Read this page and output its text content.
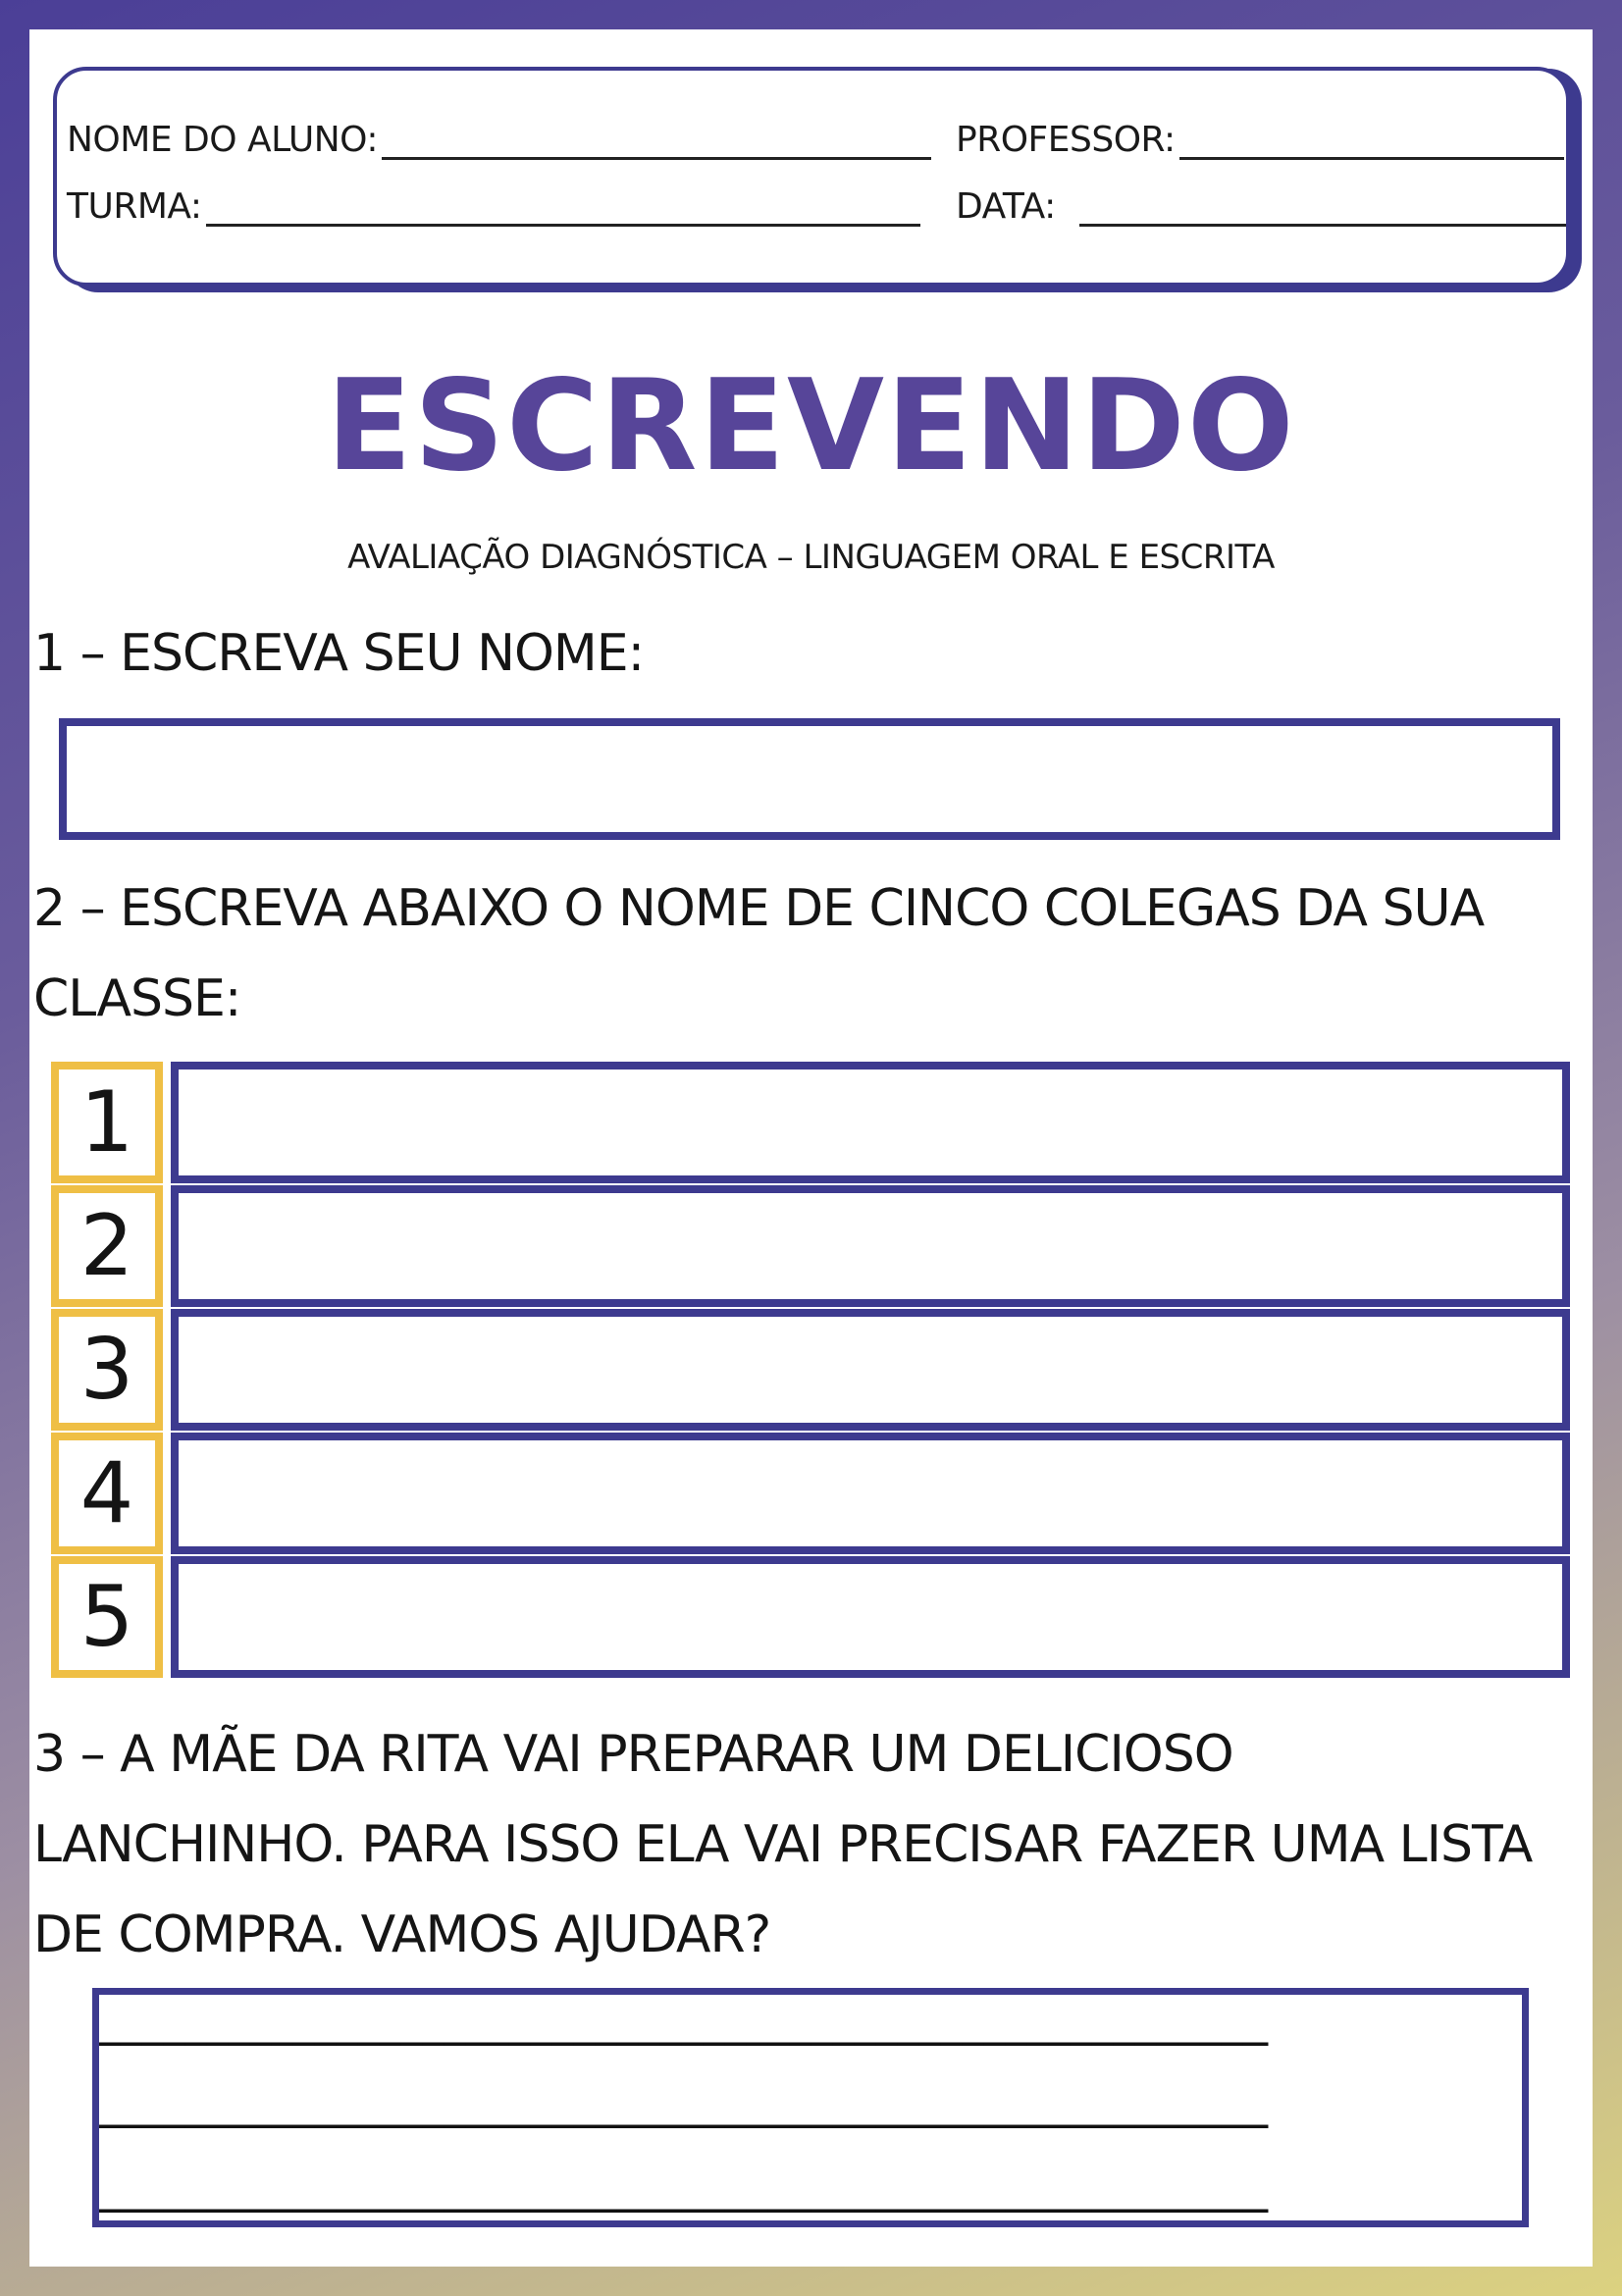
NOME DO ALUNO:	PROFESSOR:
TURMA:	DATA:
ESCREVENDO
AVALIAÇÃO DIAGNÓSTICA – LINGUAGEM ORAL E ESCRITA
1 – ESCREVA SEU NOME:
2 – ESCREVA ABAIXO O NOME DE CINCO COLEGAS DA SUA
CLASSE:
1
2
3
4
5
3 – A MÃE DA RITA VAI PREPARAR UM DELICIOSO
LANCHINHO. PARA ISSO ELA VAI PRECISAR FAZER UMA LISTA
DE COMPRA. VAMOS AJUDAR?
______________________________________________________
______________________________________________________
______________________________________________________
